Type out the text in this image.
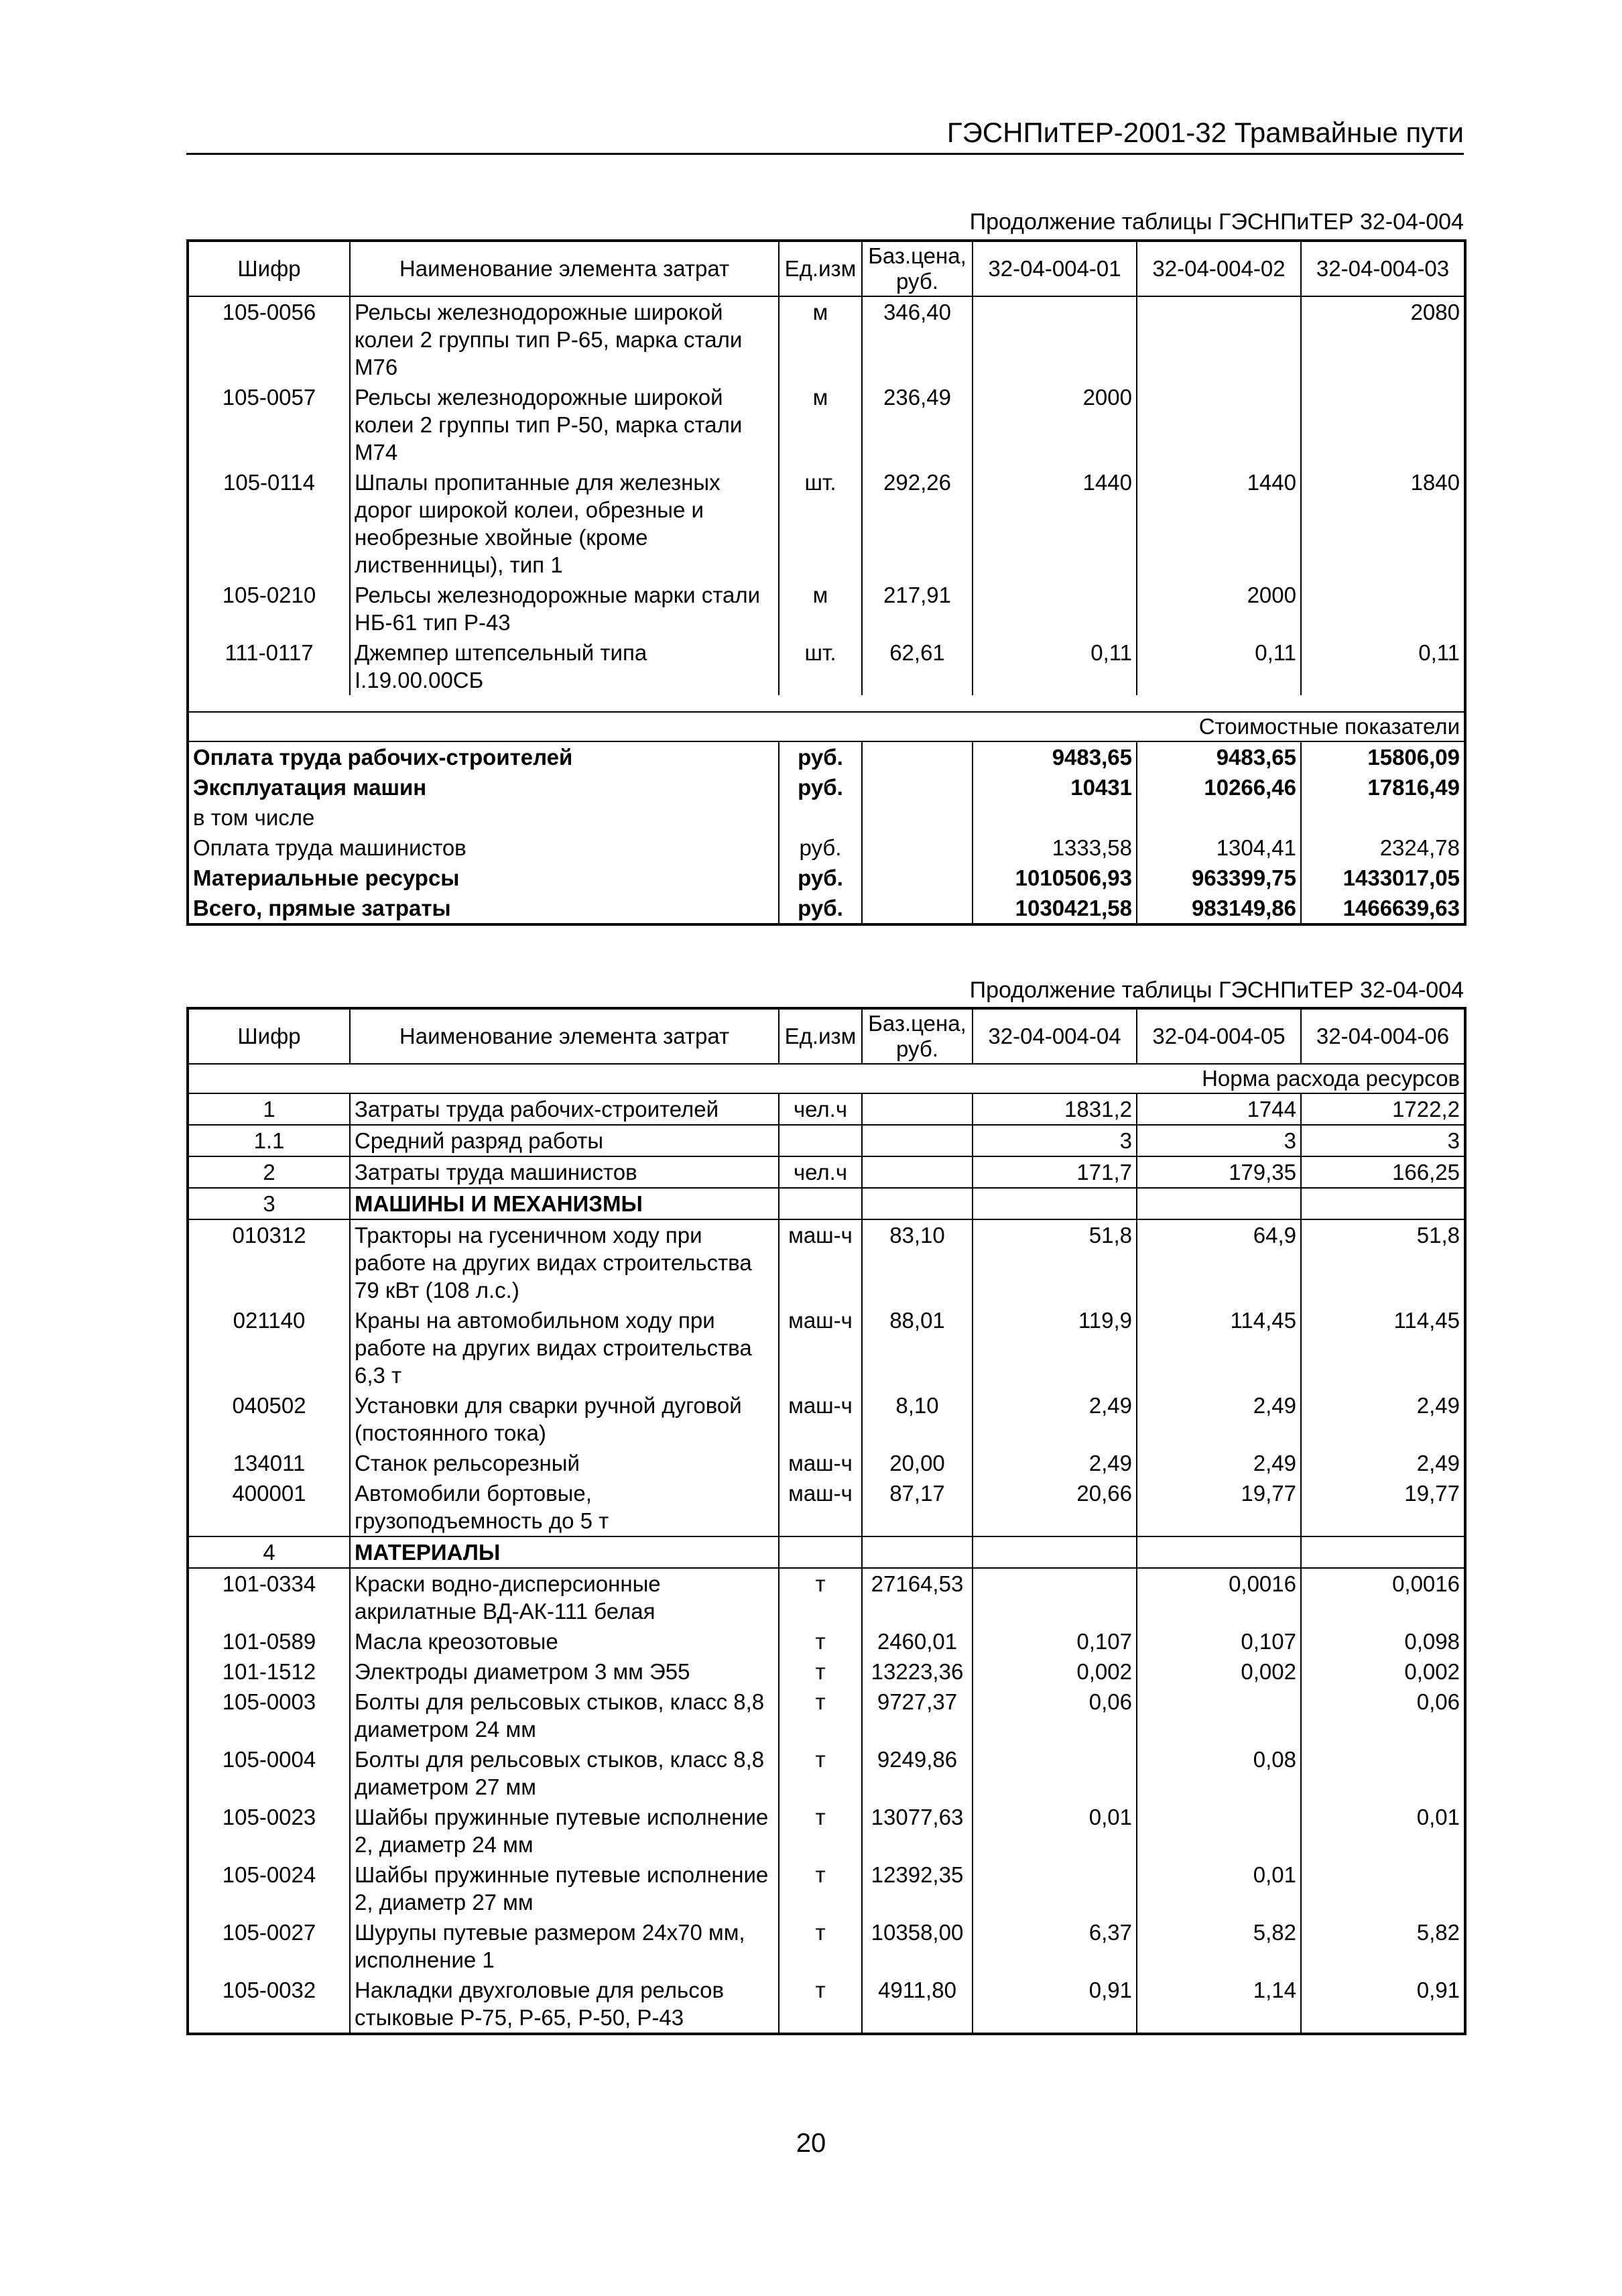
ГЭСНПиТЕР-2001-32 Трамвайные пути
Продолжение таблицы ГЭСНПиТЕР 32-04-004
Шифр	Наименование элемента затрат	Ед.изм	Баз.цена, руб.	32-04-004-01	32-04-004-02	32-04-004-03
105-0056	Рельсы железнодорожные широкой колеи 2 группы тип Р-65, марка стали М76	м	346,40			2080
105-0057	Рельсы железнодорожные широкой колеи 2 группы тип Р-50, марка стали М74	м	236,49	2000		
105-0114	Шпалы пропитанные для железных дорог широкой колеи, обрезные и необрезные хвойные (кроме лиственницы), тип 1	шт.	292,26	1440	1440	1840
105-0210	Рельсы железнодорожные марки стали НБ-61 тип Р-43	м	217,91		2000	
111-0117	Джемпер штепсельный типа I.19.00.00СБ	шт.	62,61	0,11	0,11	0,11

Стоимостные показатели						
Оплата труда рабочих-строителей		руб.		9483,65	9483,65	15806,09
Эксплуатация машин		руб.		10431	10266,46	17816,49
в том числе						
Оплата труда машинистов		руб.		1333,58	1304,41	2324,78
Материальные ресурсы		руб.		1010506,93	963399,75	1433017,05
Всего, прямые затраты		руб.		1030421,58	983149,86	1466639,63
Продолжение таблицы ГЭСНПиТЕР 32-04-004
Шифр	Наименование элемента затрат	Ед.изм	Баз.цена, руб.	32-04-004-04	32-04-004-05	32-04-004-06
Норма расхода ресурсов						
1	Затраты труда рабочих-строителей	чел.ч		1831,2	1744	1722,2
1.1	Средний разряд работы			3	3	3
2	Затраты труда машинистов	чел.ч		171,7	179,35	166,25
3	МАШИНЫ И МЕХАНИЗМЫ					
010312	Тракторы на гусеничном ходу при работе на других видах строительства 79 кВт (108 л.с.)	маш-ч	83,10	51,8	64,9	51,8
021140	Краны на автомобильном ходу при работе на других видах строительства 6,3 т	маш-ч	88,01	119,9	114,45	114,45
040502	Установки для сварки ручной дуговой (постоянного тока)	маш-ч	8,10	2,49	2,49	2,49
134011	Станок рельсорезный	маш-ч	20,00	2,49	2,49	2,49
400001	Автомобили бортовые, грузоподъемность до 5 т	маш-ч	87,17	20,66	19,77	19,77
4	МАТЕРИАЛЫ					
101-0334	Краски водно-дисперсионные акрилатные ВД-АК-111 белая	т	27164,53		0,0016	0,0016
101-0589	Масла креозотовые	т	2460,01	0,107	0,107	0,098
101-1512	Электроды диаметром 3 мм Э55	т	13223,36	0,002	0,002	0,002
105-0003	Болты для рельсовых стыков, класс 8,8 диаметром 24 мм	т	9727,37	0,06		0,06
105-0004	Болты для рельсовых стыков, класс 8,8 диаметром 27 мм	т	9249,86		0,08	
105-0023	Шайбы пружинные путевые исполнение 2, диаметр 24 мм	т	13077,63	0,01		0,01
105-0024	Шайбы пружинные путевые исполнение 2, диаметр 27 мм	т	12392,35		0,01	
105-0027	Шурупы путевые размером 24х70 мм, исполнение 1	т	10358,00	6,37	5,82	5,82
105-0032	Накладки двухголовые для рельсов стыковые Р-75, Р-65, Р-50, Р-43	т	4911,80	0,91	1,14	0,91
20
